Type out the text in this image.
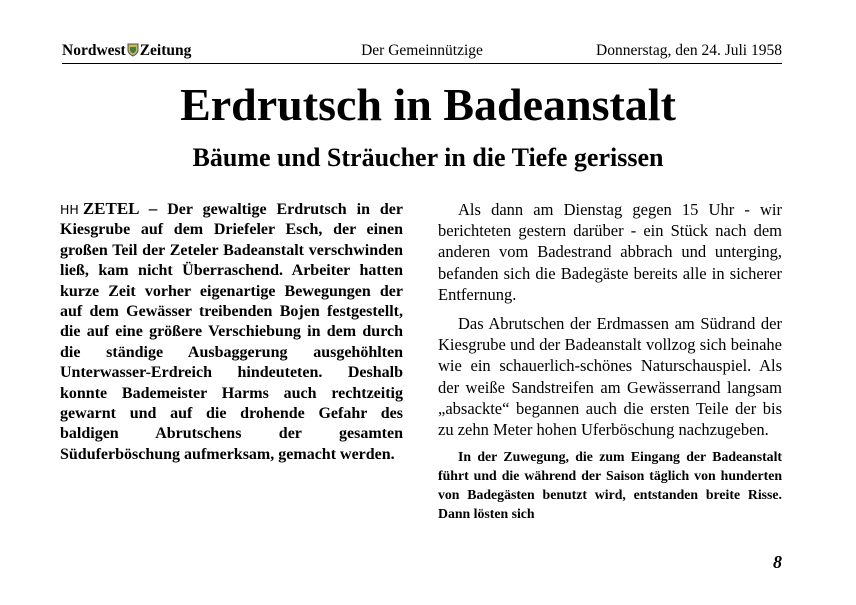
Nordwest Zeitung	Der Gemeinnützige	Donnerstag, den 24. Juli 1958
Erdrutsch in Badeanstalt
Bäume und Sträucher in die Tiefe gerissen
HH ZETEL – Der gewaltige Erdrutsch in der Kiesgrube auf dem Driefeler Esch, der einen großen Teil der Zeteler Badeanstalt verschwinden ließ, kam nicht Überraschend. Arbeiter hatten kurze Zeit vorher eigenartige Bewegungen der auf dem Gewässer treibenden Bojen festgestellt, die auf eine größere Verschiebung in dem durch die ständige Ausbaggerung ausgehöhlten Unterwasser-Erdreich hindeuteten. Deshalb konnte Bademeister Harms auch rechtzeitig gewarnt und auf die drohende Gefahr des baldigen Abrutschens der gesamten Süduferböschung aufmerksam, gemacht werden.

Als dann am Dienstag gegen 15 Uhr - wir berichteten gestern darüber - ein Stück nach dem anderen vom Badestrand abbrach und unterging, befanden sich die Badegäste bereits alle in sicherer Entfernung.

Das Abrutschen der Erdmassen am Südrand der Kiesgrube und der Badeanstalt vollzog sich beinahe wie ein schauerlich-schönes Naturschauspiel. Als der weiße Sandstreifen am Gewässerrand langsam „absackte“ begannen auch die ersten Teile der bis zu zehn Meter hohen Uferböschung nachzugeben.

In der Zuwegung, die zum Eingang der Badeanstalt führt und die während der Saison täglich von hunderten von Badegästen benutzt wird, entstanden breite Risse. Dann lösten sich

8
